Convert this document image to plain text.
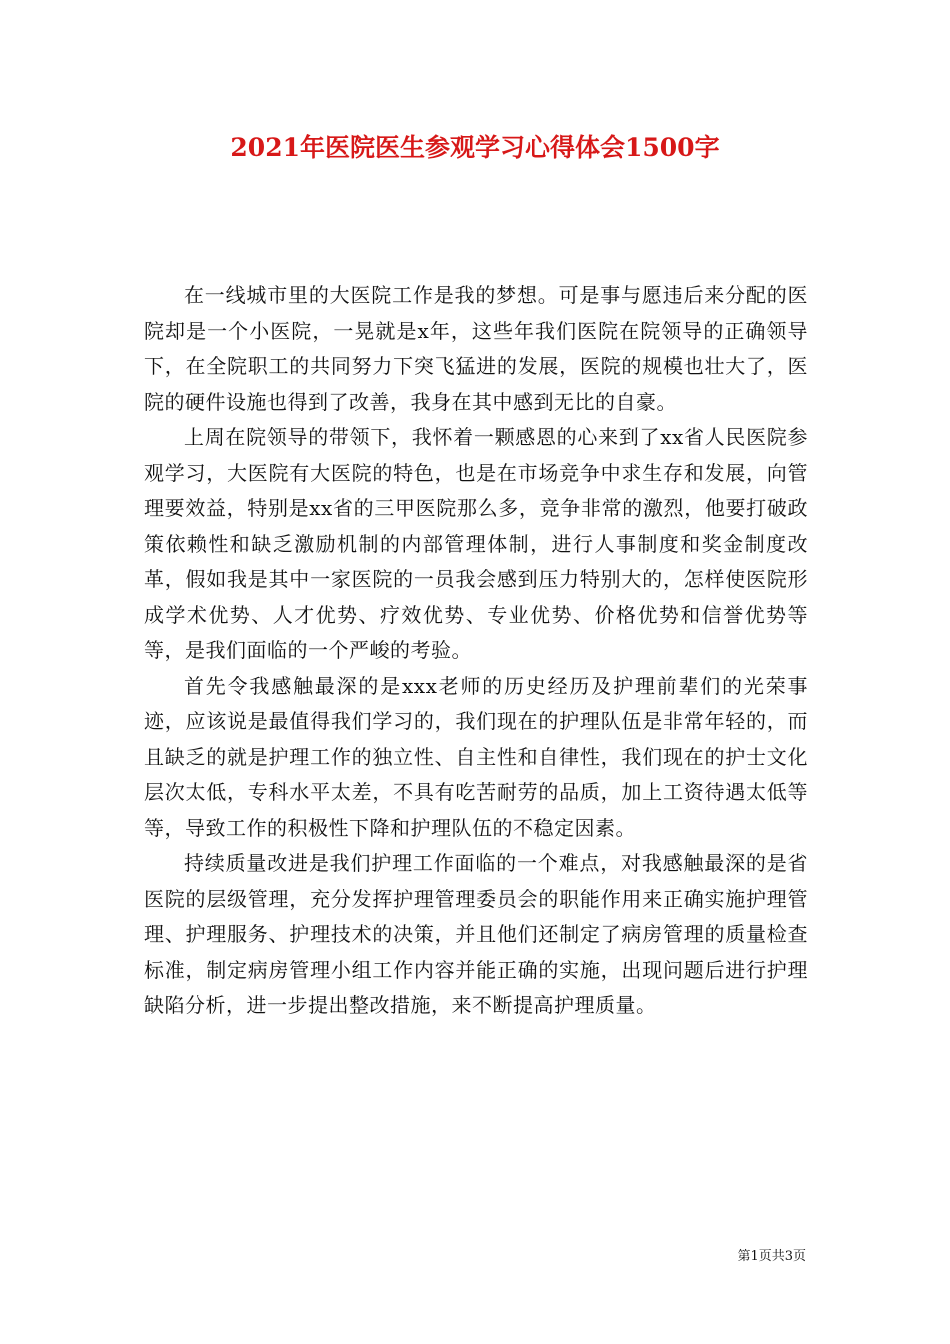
2021年医院医生参观学习心得体会1500字

在一线城市里的大医院工作是我的梦想。可是事与愿违后来分配的医院却是一个小医院，一晃就是x年，这些年我们医院在院领导的正确领导下，在全院职工的共同努力下突飞猛进的发展，医院的规模也壮大了，医院的硬件设施也得到了改善，我身在其中感到无比的自豪。

上周在院领导的带领下，我怀着一颗感恩的心来到了xx省人民医院参观学习，大医院有大医院的特色，也是在市场竞争中求生存和发展，向管理要效益，特别是xx省的三甲医院那么多，竞争非常的激烈，他要打破政策依赖性和缺乏激励机制的内部管理体制，进行人事制度和奖金制度改革，假如我是其中一家医院的一员我会感到压力特别大的，怎样使医院形成学术优势、人才优势、疗效优势、专业优势、价格优势和信誉优势等等，是我们面临的一个严峻的考验。

首先令我感触最深的是xxx老师的历史经历及护理前辈们的光荣事迹，应该说是最值得我们学习的，我们现在的护理队伍是非常年轻的，而且缺乏的就是护理工作的独立性、自主性和自律性，我们现在的护士文化层次太低，专科水平太差，不具有吃苦耐劳的品质，加上工资待遇太低等等，导致工作的积极性下降和护理队伍的不稳定因素。

持续质量改进是我们护理工作面临的一个难点，对我感触最深的是省医院的层级管理，充分发挥护理管理委员会的职能作用来正确实施护理管理、护理服务、护理技术的决策，并且他们还制定了病房管理的质量检查标准，制定病房管理小组工作内容并能正确的实施，出现问题后进行护理缺陷分析，进一步提出整改措施，来不断提高护理质量。

第1页共3页
